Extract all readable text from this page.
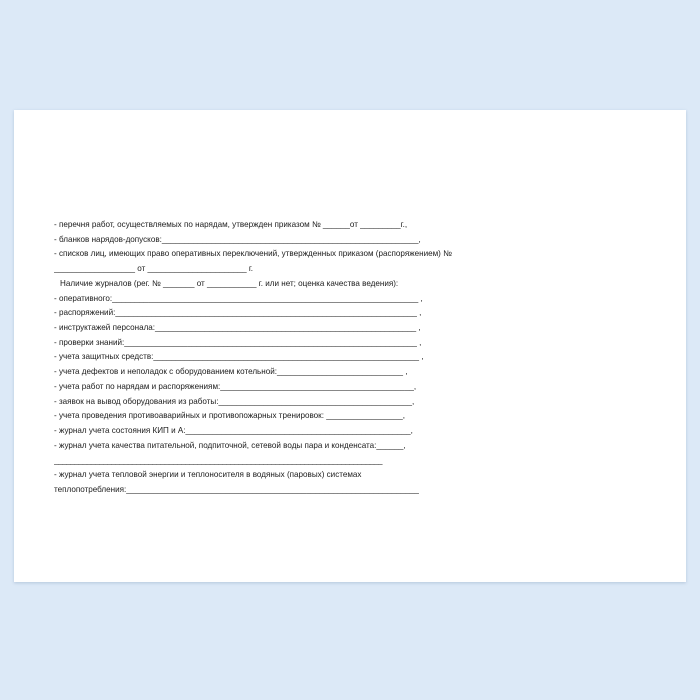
- перечня работ, осуществляемых по нарядам, утвержден приказом № ______от _________г.,
- бланков нарядов-допусков:_________________________________________________________,
- списков лиц, имеющих право оперативных переключений, утвержденных приказом (распоряжением) №
__________________ от ______________________ г.
Наличие журналов (рег. № _______ от ___________ г. или нет; оценка качества ведения):
- оперативного:____________________________________________________________________ ,
- распоряжений:___________________________________________________________________ ,
- инструктажей персонала:__________________________________________________________ ,
- проверки знаний:_________________________________________________________________ ,
- учета защитных средств:___________________________________________________________ ,
- учета дефектов и неполадок с оборудованием котельной:____________________________ ,
- учета работ по нарядам и распоряжениям:___________________________________________,
- заявок на вывод оборудования из работы:___________________________________________,
- учета проведения противоаварийных и противопожарных тренировок: _________________,
- журнал учета состояния КИП и А:__________________________________________________,
- журнал учета качества питательной, подпиточной, сетевой воды пара и конденсата:______,
________________________________________________________________________________
- журнал учета тепловой энергии и теплоносителя в водяных (паровых) системах
теплопотребления:_________________________________________________________________
